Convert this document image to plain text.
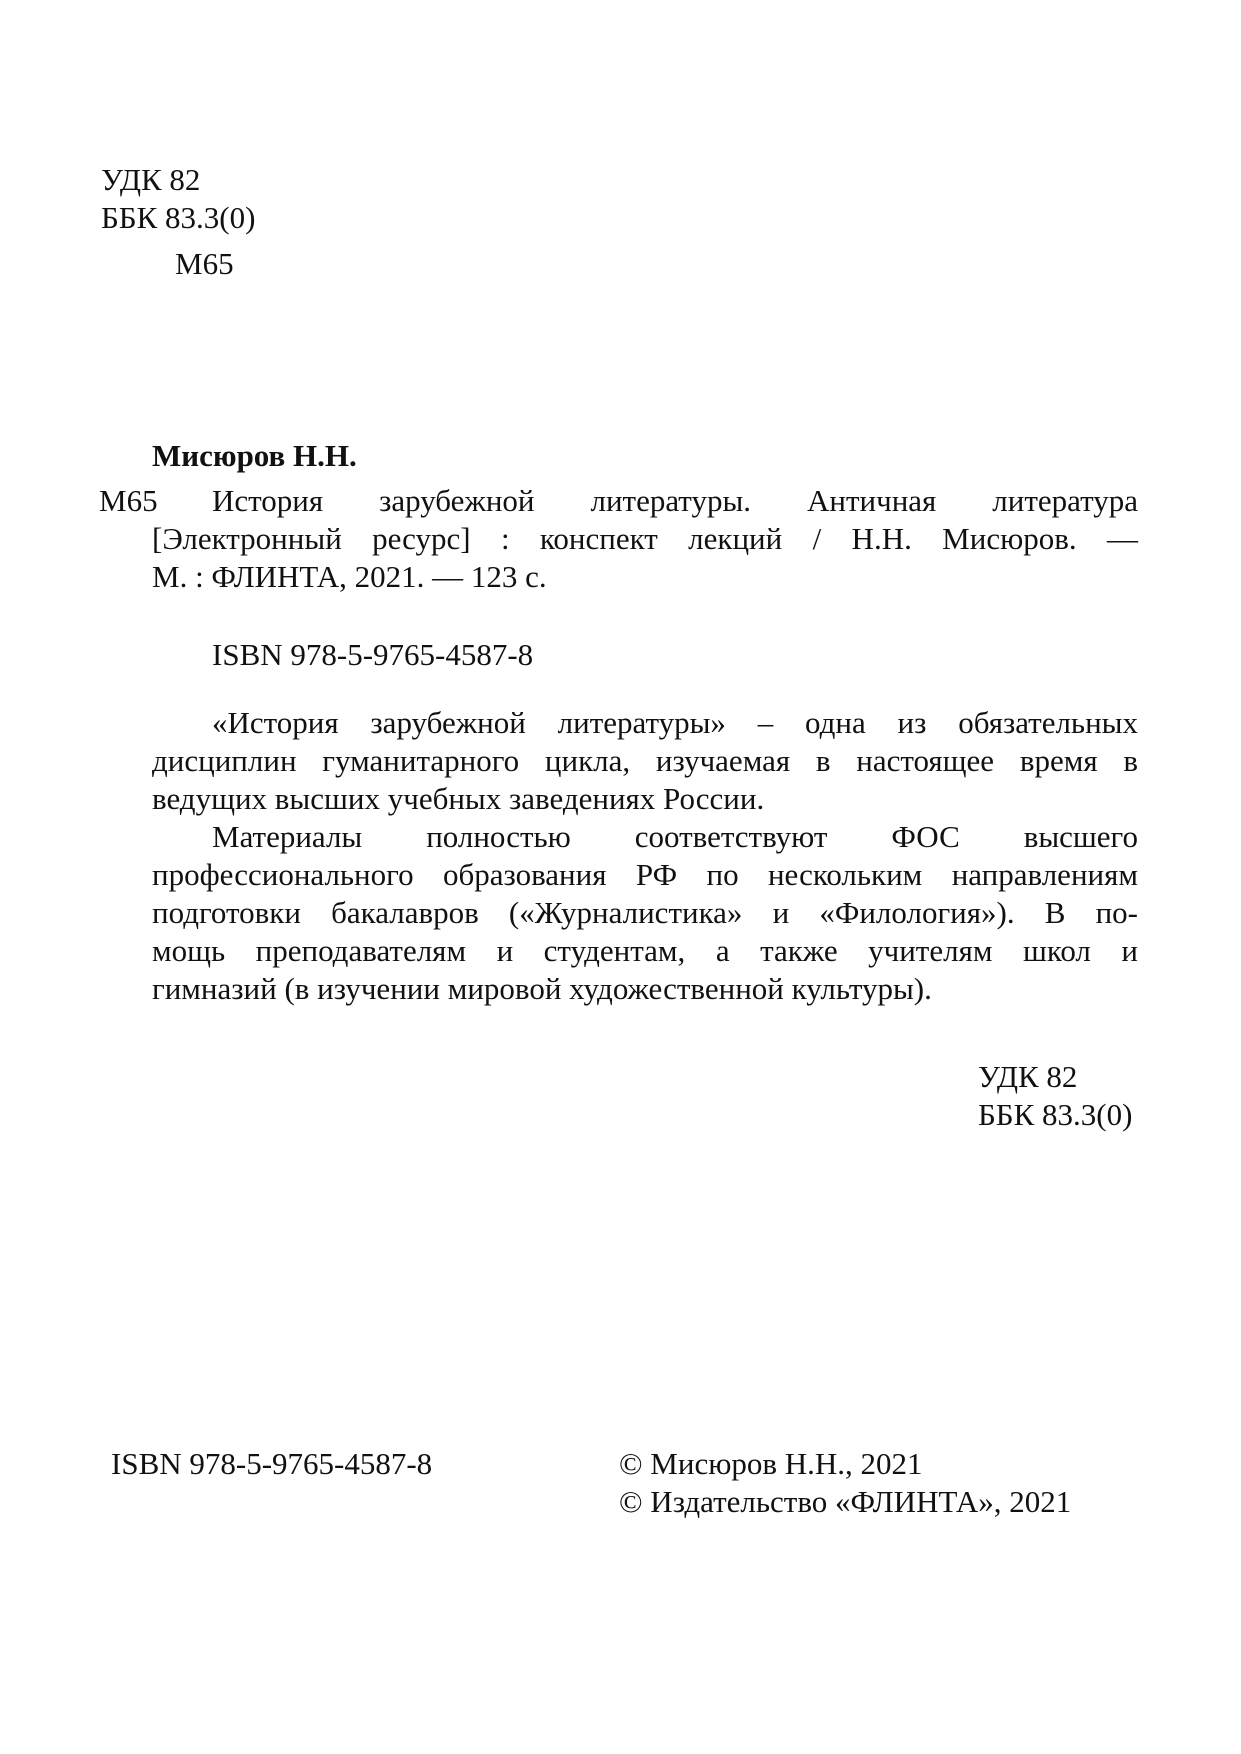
УДК 82
ББК 83.3(0)
М65
Мисюров Н.Н.
М65 История зарубежной литературы. Античная литература
[Электронный ресурс] : конспект лекций / Н.Н. Мисюров. —
М. : ФЛИНТА, 2021. — 123 с.
ISBN 978-5-9765-4587-8
«История зарубежной литературы» – одна из обязательных
дисциплин гуманитарного цикла, изучаемая в настоящее время в
ведущих высших учебных заведениях России.
Материалы полностью соответствуют ФОС высшего
профессионального образования РФ по нескольким направлениям
подготовки бакалавров («Журналистика» и «Филология»). В по-
мощь преподавателям и студентам, а также учителям школ и
гимназий (в изучении мировой художественной культуры).
УДК 82
ББК 83.3(0)
ISBN 978-5-9765-4587-8	© Мисюров Н.Н., 2021
© Издательство «ФЛИНТА», 2021
